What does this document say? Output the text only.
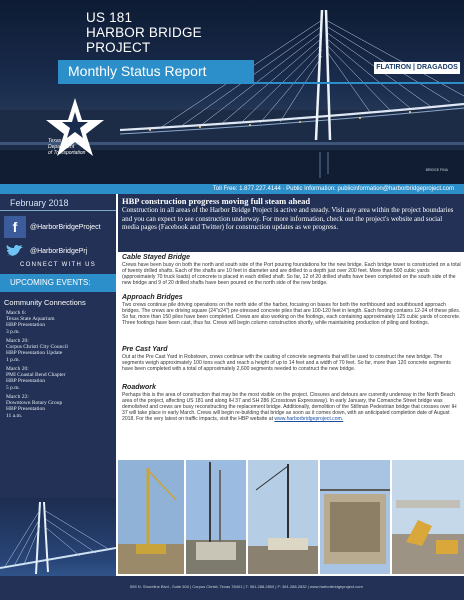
US 181
HARBOR BRIDGE
PROJECT
Monthly Status Report	FLATIRON | DRAGADOS
Texas
Department
of Transportation
BRIDGE FINA
Toll Free: 1.877.227.4144 · Public Information: publicinformation@harborbridgeproject.com
February 2018
f	@HarborBridgeProject
@HarborBridgePrj
CONNECT WITH US
UPCOMING EVENTS:
Community Connections
March 6:
Texas State Aquarium
HBP Presentation
3 p.m.
March 20:
Corpus Christi City Council
HBP Presentation Update
1 p.m.
March 20:
PMI Coastal Bend Chapter
HBP Presentation
5 p.m.
March 22:
Downtown Rotary Group
HBP Presentation
11 a.m.
HBP construction progress moving full steam ahead
Construction in all areas of the Harbor Bridge Project is active and steady. Visit any area within the project boundaries and you can expect to see construction underway. For more information, check out the project's website and social media pages (Facebook and Twitter) for construction updates as we progress.
Cable Stayed Bridge
Crews have been busy on both the north and south side of the Port pouring foundations for the new bridge. Each bridge tower is constructed on a total of twenty drilled shafts. Each of the shafts are 10 feet in diameter and are drilled to a depth just over 200 feet. More than 500 cubic yards (approximately 70 truck loads) of concrete is placed in each drilled shaft. So far, 12 of 20 drilled shafts have been completed on the south side of the new bridge and 9 of 20 drilled shafts have been poured on the north side of the new bridge.
Approach Bridges
Two crews continue pile driving operations on the north side of the harbor, focusing on bases for both the northbound and southbound approach bridges. The crews are driving square (24"x24") pre-stressed concrete piles that are 100-120 feet in length. Each footing contains 12-24 of these piles. So far, more than 150 piles have been completed. Crews are also working on the footings, each containing approximately 125 cubic yards of concrete. Three footings have been cast, thus far. Crews will begin column construction shortly, while maintaining production of piling and footings.
Pre Cast Yard
Out at the Pre Cast Yard in Robstown, crews continue with the casting of concrete segments that will be used to construct the new bridge. The segments weigh approximately 100 tons each and reach a height of up to 14 feet and a width of 70 feet. So far, more than 120 concrete segments have been completed with a total of approximately 2,600 segments needed to construct the new bridge.
Roadwork
Perhaps this is the area of construction that may be the most visible on the project. Closures and detours are currently underway in the North Beach area of the project, affecting US 181 and along IH 37 and SH 286 (Crosstown Expressway). In early January, the Comanche Street bridge was demolished and crews are busy reconstructing the replacement bridge. Additionally, demolition of the Stillman Pedestrian bridge that crosses over IH 37 will take place in early March. Crews will begin re-building that bridge as soon as it comes down, with an anticipated completion date of August 2018. For the very latest on traffic impacts, visit the HBP website at www.harborbridgeproject.com.
555 N. Shoreline Blvd., Suite 500 | Corpus Christi, Texas 78401 | T: 361.288.2800 | F: 361.288.2832 | www.harborbridgeproject.com
